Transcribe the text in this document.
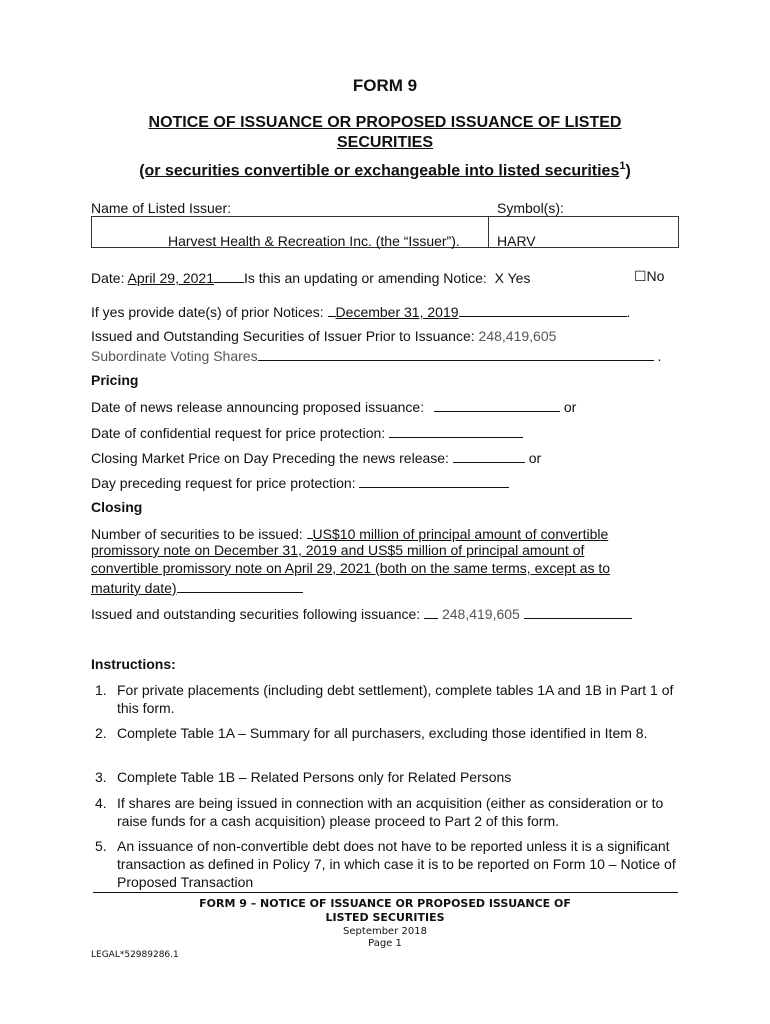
FORM 9
NOTICE OF ISSUANCE OR PROPOSED ISSUANCE OF LISTED SECURITIES
(or securities convertible or exchangeable into listed securities$^1$)
Name of Listed Issuer:	Symbol(s):
Harvest Health & Recreation Inc. (the “Issuer”).	HARV
Date: April 29, 2021 Is this an updating or amending Notice: X Yes	☐No
If yes provide date(s) of prior Notices: December 31, 2019	.
Issued and Outstanding Securities of Issuer Prior to Issuance: 248,419,605
Subordinate Voting Shares	.
Pricing
Date of news release announcing proposed issuance:	or
Date of confidential request for price protection:
Closing Market Price on Day Preceding the news release:	or
Day preceding request for price protection:
Closing
Number of securities to be issued: US$10 million of principal amount of convertible
promissory note on December 31, 2019 and US$5 million of principal amount of
convertible promissory note on April 29, 2021 (both on the same terms, except as to
maturity date)
Issued and outstanding securities following issuance: 248,419,605
Instructions:
1. For private placements (including debt settlement), complete tables 1A and 1B in Part 1 of this form.
2. Complete Table 1A – Summary for all purchasers, excluding those identified in Item 8.
3. Complete Table 1B – Related Persons only for Related Persons
4. If shares are being issued in connection with an acquisition (either as consideration or to raise funds for a cash acquisition) please proceed to Part 2 of this form.
5. An issuance of non-convertible debt does not have to be reported unless it is a significant transaction as defined in Policy 7, in which case it is to be reported on Form 10 – Notice of Proposed Transaction
FORM 9 – NOTICE OF ISSUANCE OR PROPOSED ISSUANCE OF
LISTED SECURITIES
September 2018
Page 1
LEGAL*52989286.1
